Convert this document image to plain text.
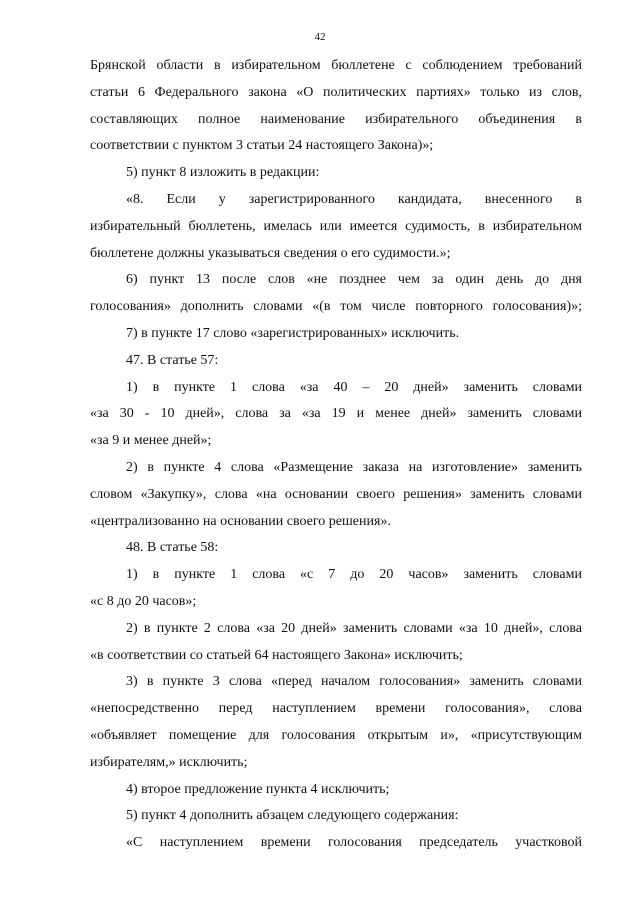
42
Брянской области в избирательном бюллетене с соблюдением требований
статьи 6 Федерального закона «О политических партиях» только из слов,
составляющих полное наименование избирательного объединения в
соответствии с пунктом 3 статьи 24 настоящего Закона)»;
5) пункт 8 изложить в редакции:
«8. Если у зарегистрированного кандидата, внесенного в
избирательный бюллетень, имелась или имеется судимость, в избирательном
бюллетене должны указываться сведения о его судимости.»;
6) пункт 13 после слов «не позднее чем за один день до дня
голосования» дополнить словами «(в том числе повторного голосования)»;
7) в пункте 17 слово «зарегистрированных» исключить.
47. В статье 57:
1) в пункте 1 слова «за 40 – 20 дней» заменить словами
«за 30 - 10 дней», слова за «за 19 и менее дней» заменить словами
«за 9 и менее дней»;
2) в пункте 4 слова «Размещение заказа на изготовление» заменить
словом «Закупку», слова «на основании своего решения» заменить словами
«централизованно на основании своего решения».
48. В статье 58:
1) в пункте 1 слова «с 7 до 20 часов» заменить словами
«с 8 до 20 часов»;
2) в пункте 2 слова «за 20 дней» заменить словами «за 10 дней», слова
«в соответствии со статьей 64 настоящего Закона» исключить;
3) в пункте 3 слова «перед началом голосования» заменить словами
«непосредственно перед наступлением времени голосования», слова
«объявляет помещение для голосования открытым и», «присутствующим
избирателям,» исключить;
4) второе предложение пункта 4 исключить;
5) пункт 4 дополнить абзацем следующего содержания:
«С наступлением времени голосования председатель участковой
